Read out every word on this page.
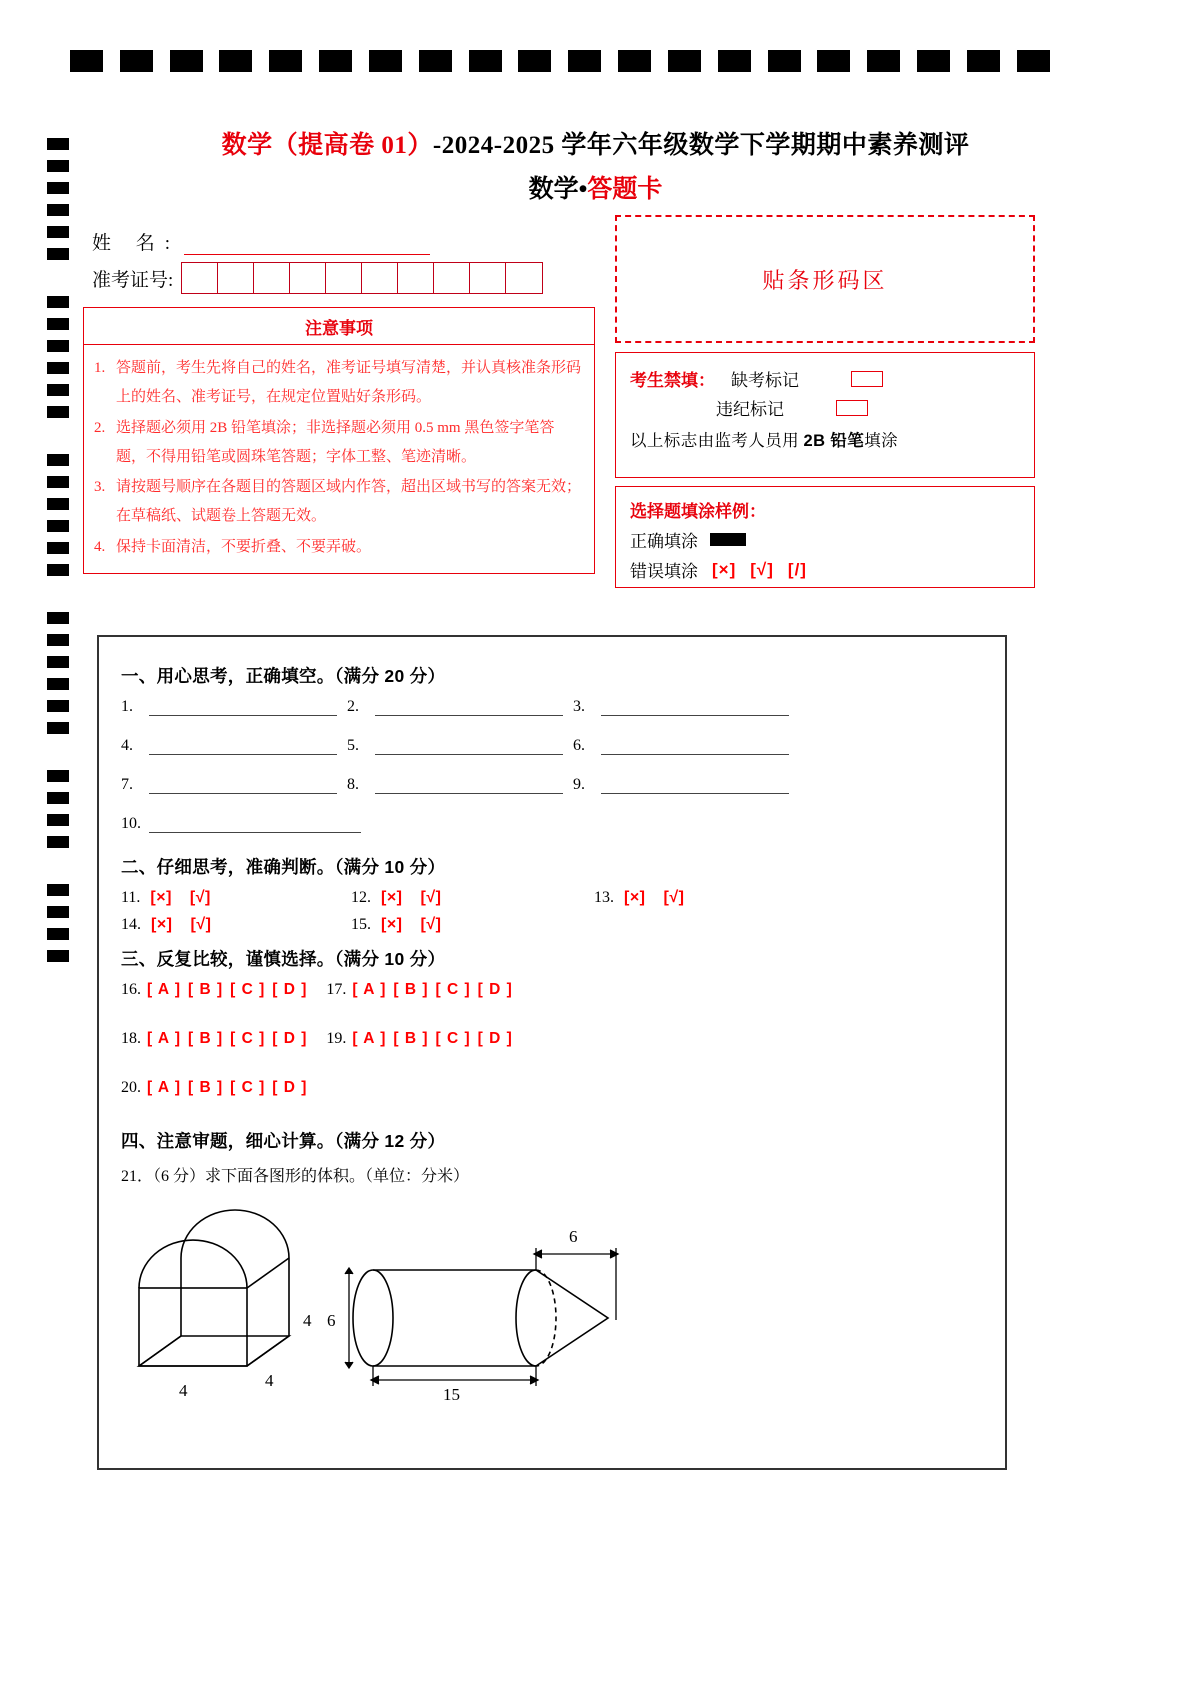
数学（提高卷 01）-2024-2025 学年六年级数学下学期期中素养测评
数学•答题卡
姓 名:
准考证号:
注意事项
1. 答题前，考生先将自己的姓名，准考证号填写清楚，并认真核准条形码上的姓名、准考证号，在规定位置贴好条形码。
2. 选择题必须用 2B 铅笔填涂；非选择题必须用 0.5 mm 黑色签字笔答题，不得用铅笔或圆珠笔答题；字体工整、笔迹清晰。
3. 请按题号顺序在各题目的答题区域内作答，超出区域书写的答案无效；在草稿纸、试题卷上答题无效。
4. 保持卡面清洁，不要折叠、不要弄破。
贴条形码区
考生禁填： 缺考标记
违纪标记
以上标志由监考人员用 2B 铅笔填涂
选择题填涂样例：
正确填涂
错误填涂 [×] [√] [/]
一、用心思考，正确填空。（满分 20 分）
1.	2.	3.
4.	5.	6.
7.	8.	9.
10.
二、仔细思考，准确判断。（满分 10 分）
11. [×] [√]	12. [×] [√]	13. [×] [√]
14. [×] [√]	15. [×] [√]
三、反复比较，谨慎选择。（满分 10 分）
16. [ A ] [ B ] [ C ] [ D ] 17. [ A ] [ B ] [ C ] [ D ]
18. [ A ] [ B ] [ C ] [ D ] 19. [ A ] [ B ] [ C ] [ D ]
20. [ A ] [ B ] [ C ] [ D ]
四、注意审题，细心计算。（满分 12 分）
21．（6 分）求下面各图形的体积。（单位：分米）
4
4
4
6
6
15
